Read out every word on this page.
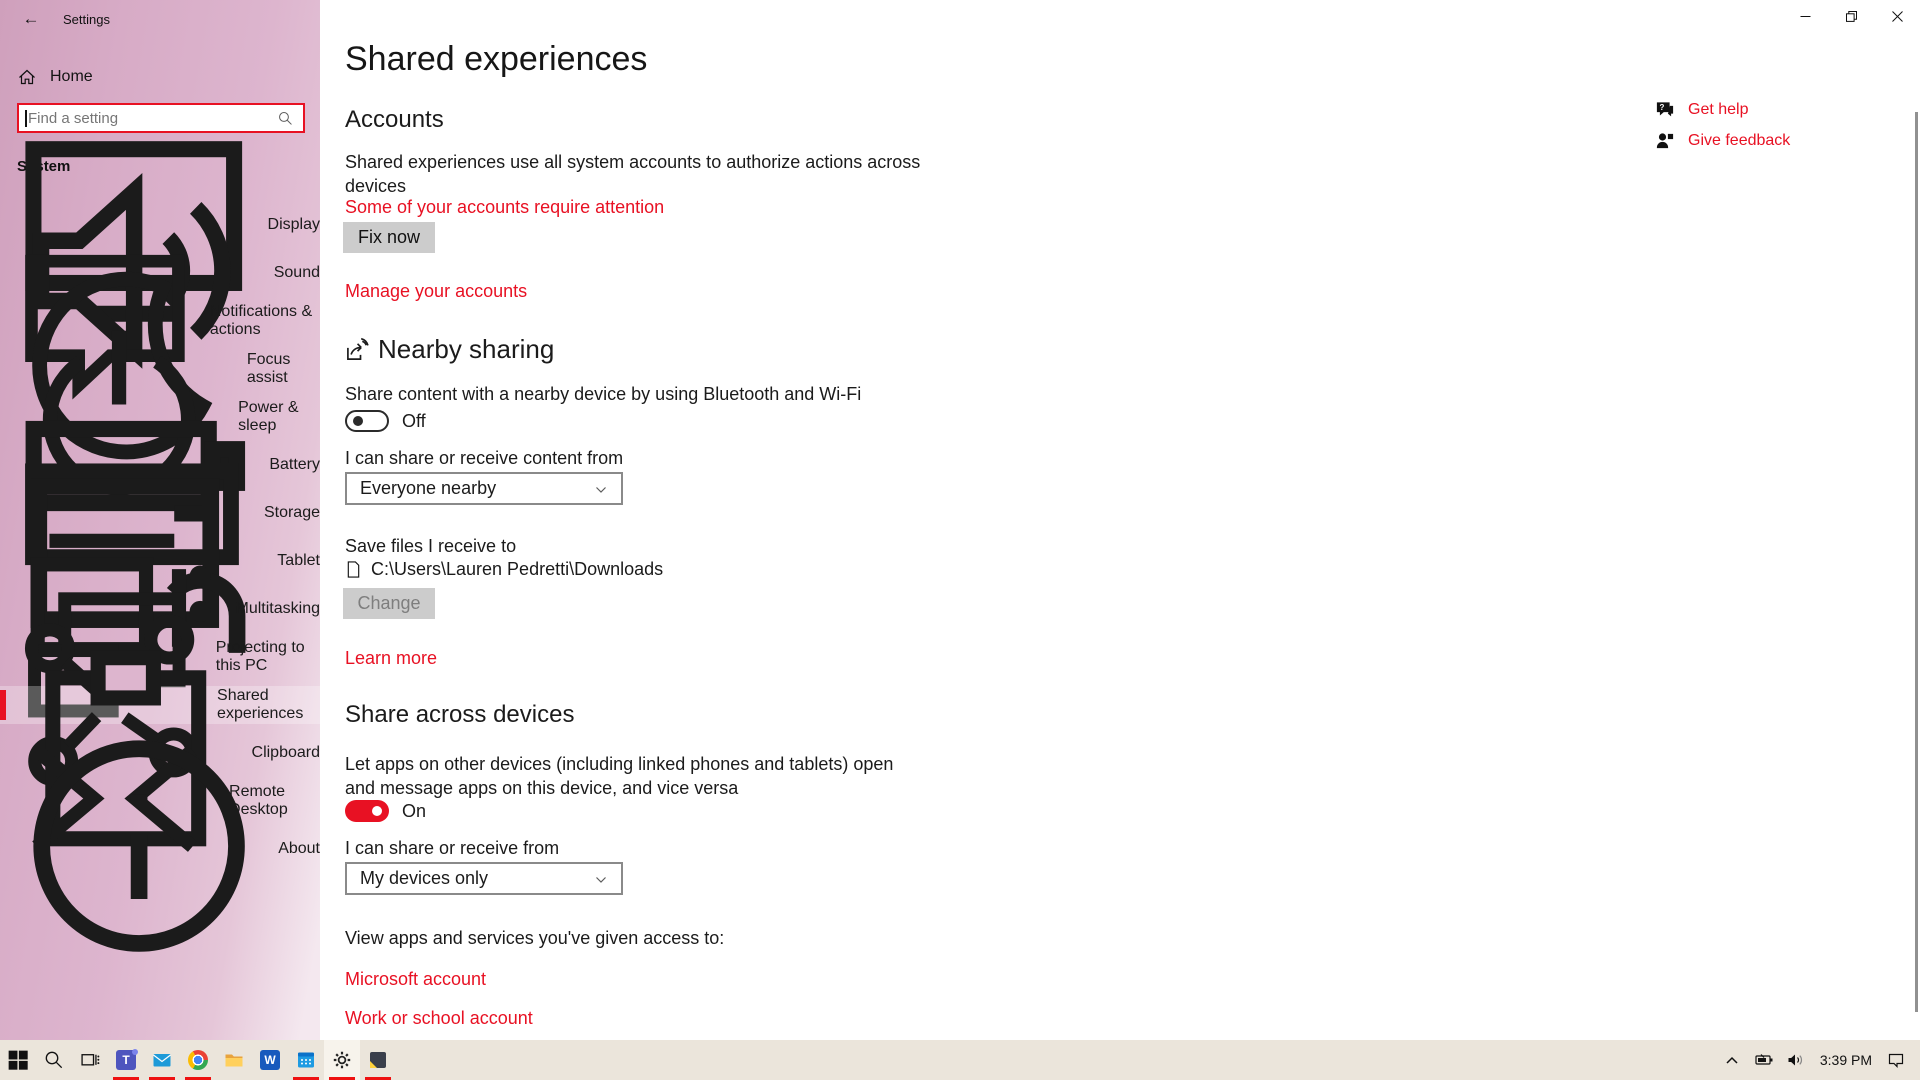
←	Settings
Home
Find a setting
System
Display
Sound
Notifications & actions
Focus assist
Power & sleep
Battery
Storage
Tablet
Multitasking
Projecting to this PC
Shared experiences
Clipboard
Remote Desktop
About
Shared experiences
Accounts
Shared experiences use all system accounts to authorize actions across devices
Some of your accounts require attention
Fix now
Manage your accounts
Nearby sharing
Share content with a nearby device by using Bluetooth and Wi-Fi
Off
I can share or receive content from
Everyone nearby
Save files I receive to
C:\Users\Lauren Pedretti\Downloads
Change
Learn more
Share across devices
Let apps on other devices (including linked phones and tablets) open and message apps on this device, and vice versa
On
I can share or receive from
My devices only
View apps and services you've given access to:
Microsoft account
Work or school account
? Get help
Give feedback
T	W	3:39 PM
